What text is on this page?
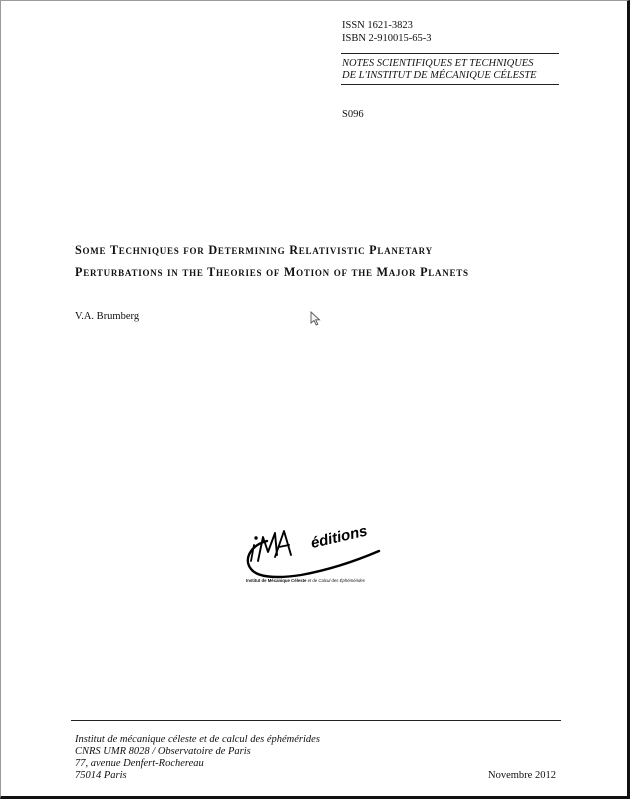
ISSN 1621-3823
ISBN 2-910015-65-3
NOTES SCIENTIFIQUES ET TECHNIQUES
DE L'INSTITUT DE MÉCANIQUE CÉLESTE
S096
Some Techniques for Determining Relativistic Planetary
Perturbations in the Theories of Motion of the Major Planets
V.A. Brumberg
éditions
Institut de Mécanique Céleste et de Calcul des Éphémérides
Institut de mécanique céleste et de calcul des éphémérides
CNRS UMR 8028 / Observatoire de Paris
77, avenue Denfert-Rochereau
75014 Paris	Novembre 2012
